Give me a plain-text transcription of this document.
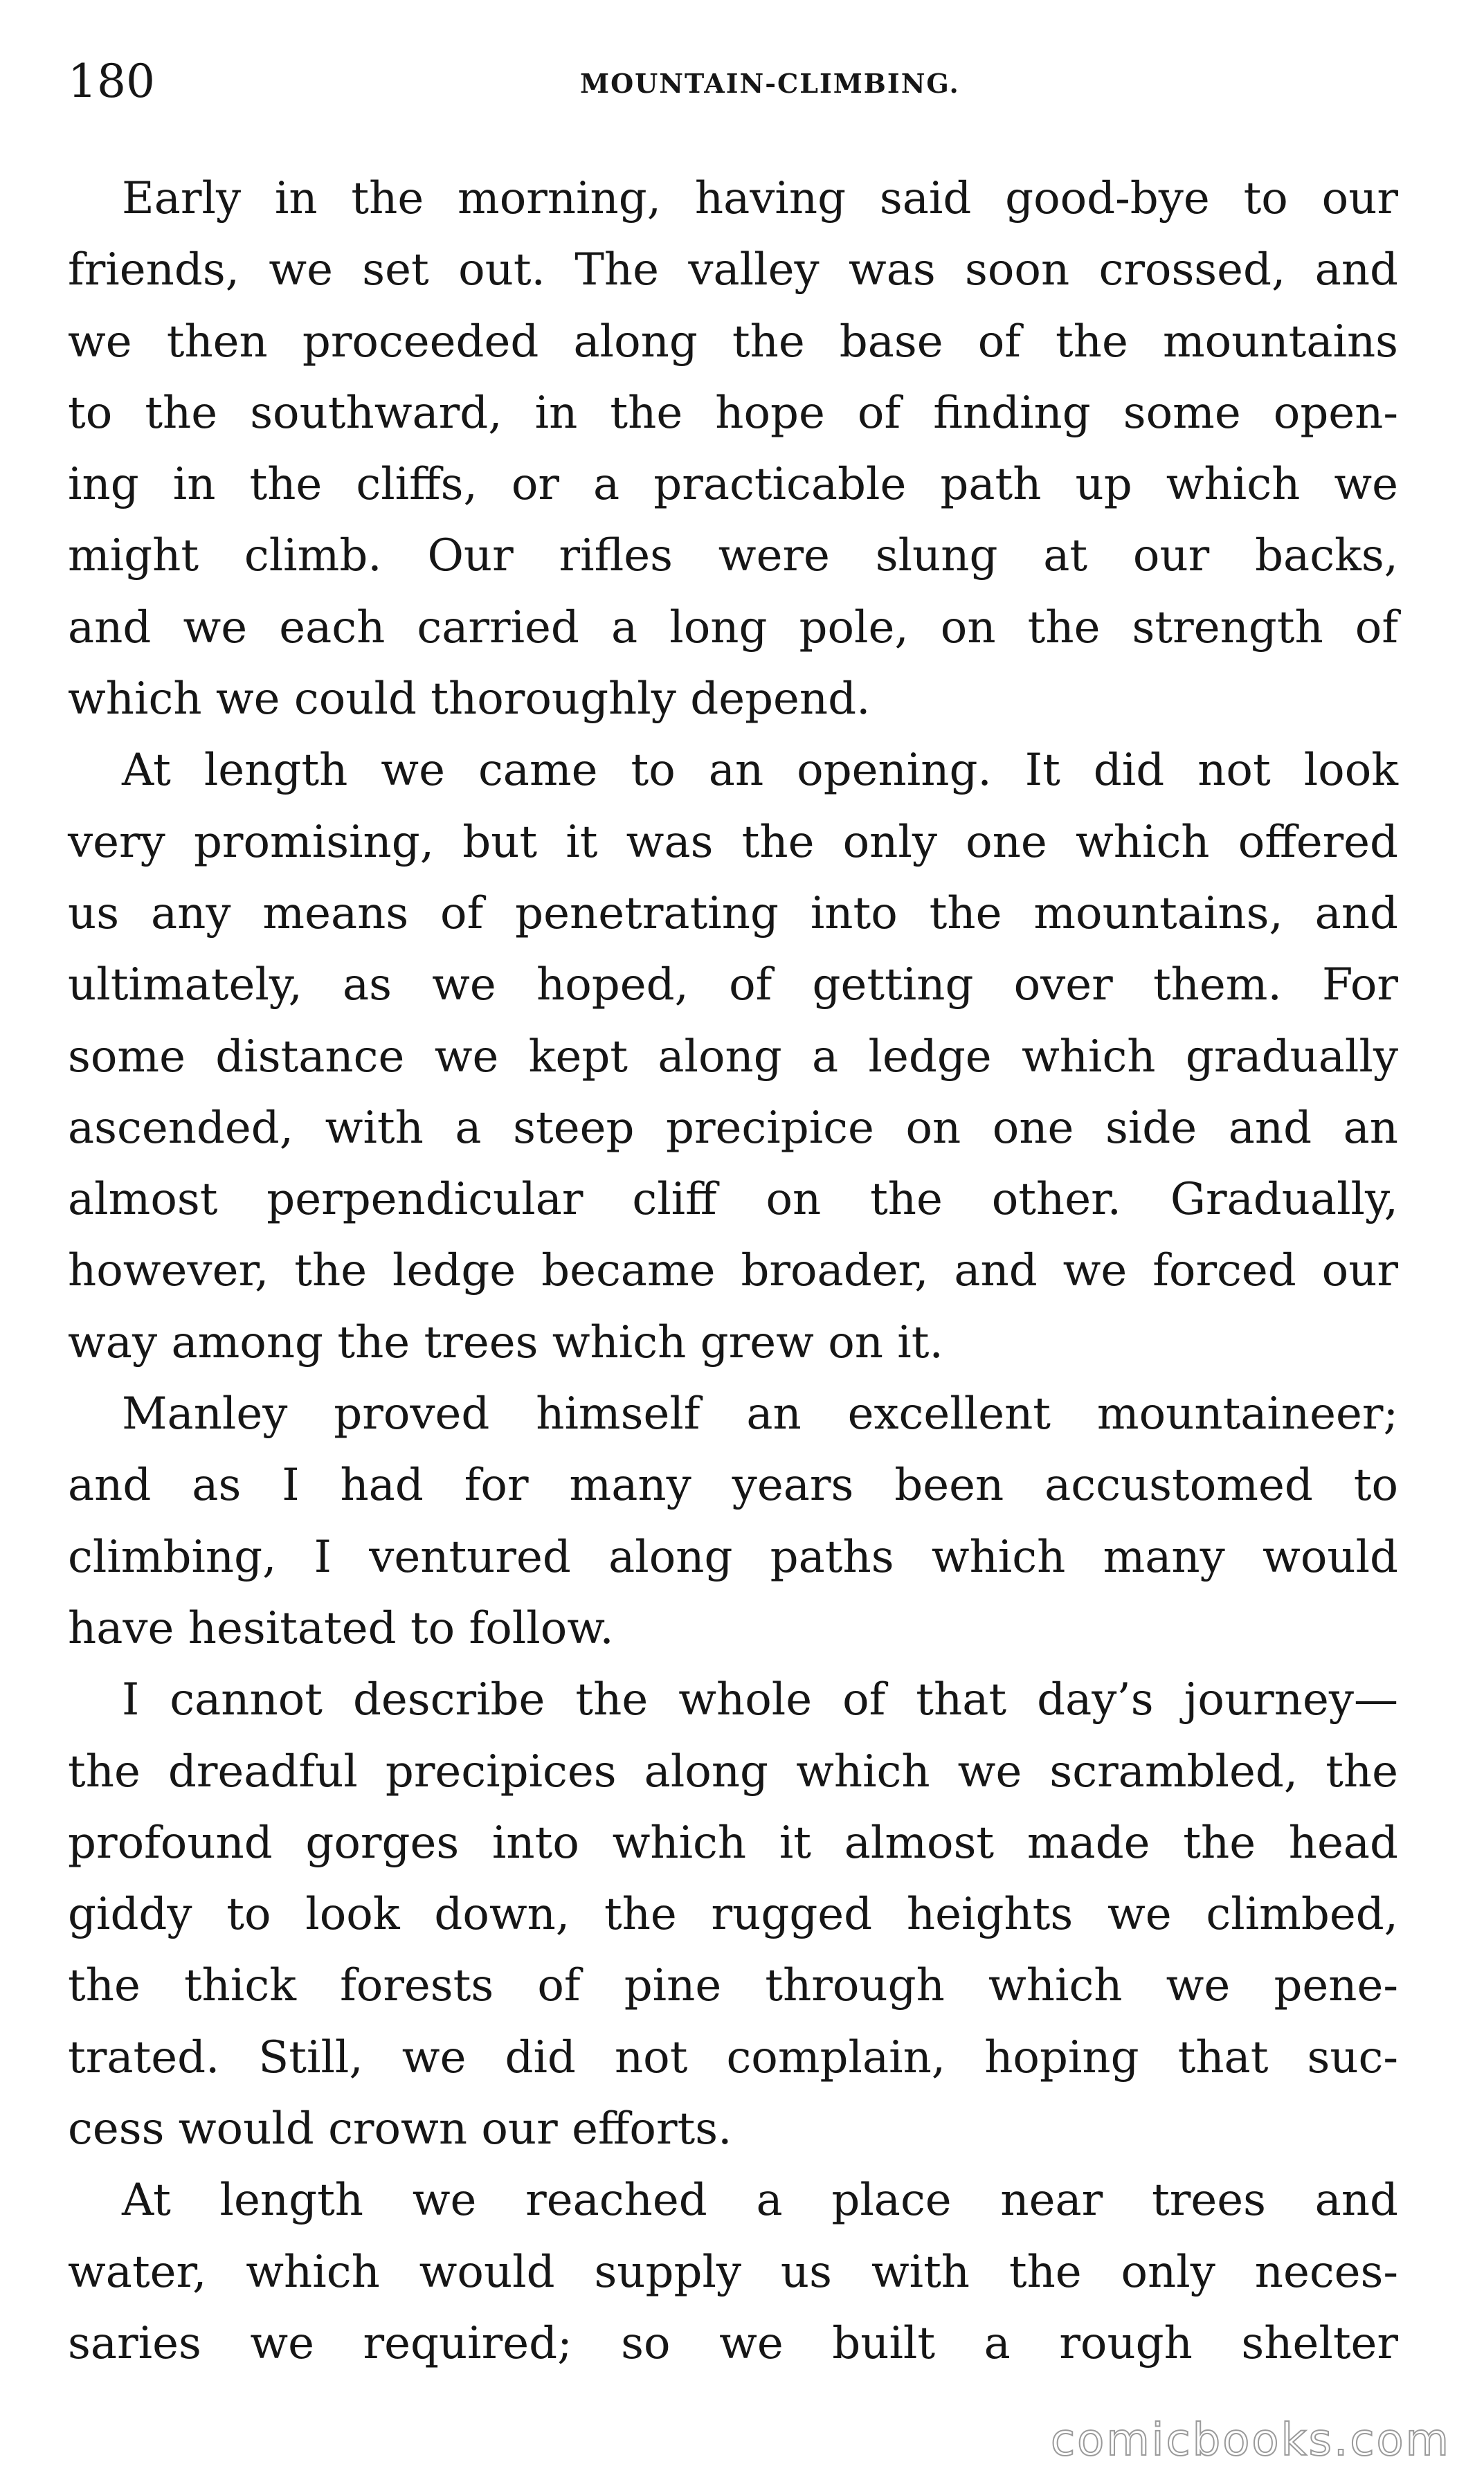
180	MOUNTAIN-CLIMBING.
Early in the morning, having said good-bye to our
friends, we set out. The valley was soon crossed, and
we then proceeded along the base of the mountains
to the southward, in the hope of finding some open-
ing in the cliffs, or a practicable path up which we
might climb. Our rifles were slung at our backs,
and we each carried a long pole, on the strength of
which we could thoroughly depend.
At length we came to an opening. It did not look
very promising, but it was the only one which offered
us any means of penetrating into the mountains, and
ultimately, as we hoped, of getting over them. For
some distance we kept along a ledge which gradually
ascended, with a steep precipice on one side and an
almost perpendicular cliff on the other. Gradually,
however, the ledge became broader, and we forced our
way among the trees which grew on it.
Manley proved himself an excellent mountaineer;
and as I had for many years been accustomed to
climbing, I ventured along paths which many would
have hesitated to follow.
I cannot describe the whole of that day’s journey—
the dreadful precipices along which we scrambled, the
profound gorges into which it almost made the head
giddy to look down, the rugged heights we climbed,
the thick forests of pine through which we pene-
trated. Still, we did not complain, hoping that suc-
cess would crown our efforts.
At length we reached a place near trees and
water, which would supply us with the only neces-
saries we required; so we built a rough shelter
comicbooks.com
